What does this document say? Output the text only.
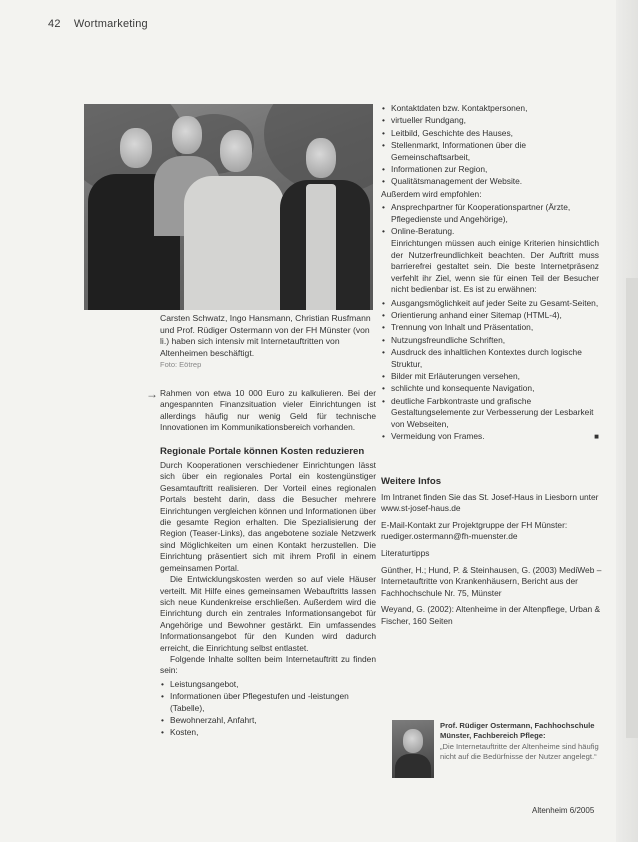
42 Wortmarketing
Carsten Schwatz, Ingo Hansmann, Christian Rusfmann und Prof. Rüdiger Ostermann von der FH Münster (von li.) haben sich intensiv mit Internetauftritten von Altenheimen beschäftigt.
Foto: Eötrep
→ Rahmen von etwa 10 000 Euro zu kalkulieren. Bei der angespannten Finanzsituation vieler Einrichtungen ist allerdings häufig nur wenig Geld für technische Innovationen im Kommunikationsbereich vorhanden.

Regionale Portale können Kosten reduzieren

Durch Kooperationen verschiedener Einrichtungen lässt sich über ein regionales Portal ein kostengünstiger Gesamtauftritt realisieren. Der Vorteil eines regionalen Portals besteht darin, dass die Besucher mehrere Einrichtungen vergleichen können und Informationen über die gesamte Region erhalten. Die Spezialisierung der Region (Teaser-Links), das angebotene soziale Netzwerk sind Möglichkeiten um einen Kontakt herzustellen. Die Einrichtung präsentiert sich mit ihrem Profil in einem gemeinsamen Portal.

Die Entwicklungskosten werden so auf viele Häuser verteilt. Mit Hilfe eines gemeinsamen Webauftritts lassen sich neue Kundenkreise erschließen. Außerdem wird die Einrichtung durch ein zentrales Informationsangebot für Angehörige und Bewohner gestärkt. Ein umfassendes Informationsangebot für den Kunden wird dadurch erreicht, die Einrichtung selbst entlastet.

Folgende Inhalte sollten beim Internetauftritt zu finden sein:

• Leistungsangebot,
• Informationen über Pflegestufen und -leistungen (Tabelle),
• Bewohnerzahl, Anfahrt,
• Kosten,
• Kontaktdaten bzw. Kontaktpersonen,
• virtueller Rundgang,
• Leitbild, Geschichte des Hauses,
• Stellenmarkt, Informationen über die Gemeinschaftsarbeit,
• Informationen zur Region,
• Qualitätsmanagement der Website.
Außerdem wird empfohlen:
• Ansprechpartner für Kooperationspartner (Ärzte, Pflegedienste und Angehörige),
• Online-Beratung.

Einrichtungen müssen auch einige Kriterien hinsichtlich der Nutzerfreundlichkeit beachten. Der Auftritt muss barrierefrei gestaltet sein. Die beste Internetpräsenz verfehlt ihr Ziel, wenn sie für einen Teil der Besucher nicht bedienbar ist. Es ist zu erwähnen:

• Ausgangsmöglichkeit auf jeder Seite zu Gesamt-Seiten,
• Orientierung anhand einer Sitemap (HTML-4),
• Trennung von Inhalt und Präsentation,
• Nutzungsfreundliche Schriften,
• Ausdruck des inhaltlichen Kontextes durch logische Struktur,
• Bilder mit Erläuterungen versehen,
• schlichte und konsequente Navigation,
• deutliche Farbkontraste und grafische Gestaltungselemente zur Verbesserung der Lesbarkeit von Webseiten,
• Vermeidung von Frames.	■
Weitere Infos

Im Intranet finden Sie das St. Josef-Haus in Liesborn unter www.st-josef-haus.de

E-Mail-Kontakt zur Projektgruppe der FH Münster: ruediger.ostermann@fh-muenster.de

Literaturtipps

Günther, H.; Hund, P. & Steinhausen, G. (2003) MediWeb – Internetauftritte von Krankenhäusern, Bericht aus der Fachhochschule Nr. 75, Münster

Weyand, G. (2002): Altenheime in der Altenpflege, Urban & Fischer, 160 Seiten

Prof. Rüdiger Ostermann, Fachhochschule Münster, Fachbereich Pflege:
„Die Internetauftritte der Altenheime sind häufig nicht auf die Bedürfnisse der Nutzer angelegt.“
Altenheim 6/2005
